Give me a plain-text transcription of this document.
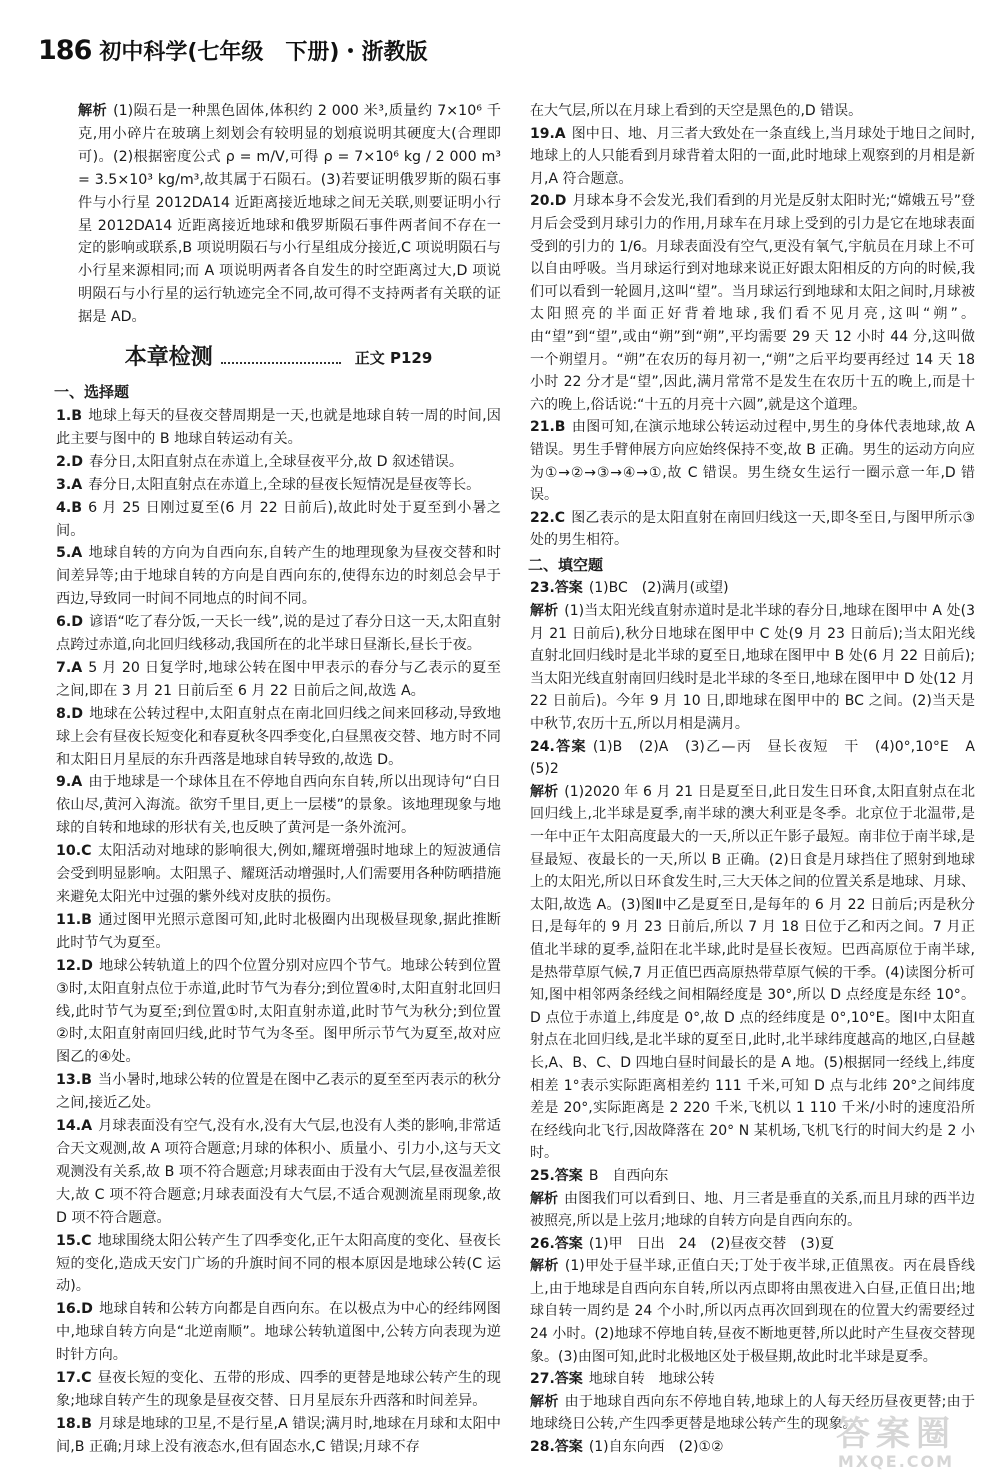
186 初中科学(七年级　下册)・浙教版
解析 (1)陨石是一种黑色固体,体积约 2 000 米³,质量约 7×10⁶ 千克,用小碎片在玻璃上刻划会有较明显的划痕说明其硬度大(合理即可)。(2)根据密度公式 ρ = m/V,可得 ρ = 7×10⁶ kg / 2 000 m³ = 3.5×10³ kg/m³,故其属于石陨石。(3)若要证明俄罗斯的陨石事件与小行星 2012DA14 近距离接近地球之间无关联,则要证明小行星 2012DA14 近距离接近地球和俄罗斯陨石事件两者间不存在一定的影响或联系,B 项说明陨石与小行星组成分接近,C 项说明陨石与小行星来源相同;而 A 项说明两者各自发生的时空距离过大,D 项说明陨石与小行星的运行轨迹完全不同,故可得不支持两者有关联的证据是 AD。
本章检测	正文 P129
一、选择题
1.B 地球上每天的昼夜交替周期是一天,也就是地球自转一周的时间,因此主要与图中的 B 地球自转运动有关。
2.D 春分日,太阳直射点在赤道上,全球昼夜平分,故 D 叙述错误。
3.A 春分日,太阳直射点在赤道上,全球的昼夜长短情况是昼夜等长。
4.B 6 月 25 日刚过夏至(6 月 22 日前后),故此时处于夏至到小暑之间。
5.A 地球自转的方向为自西向东,自转产生的地理现象为昼夜交替和时间差异等;由于地球自转的方向是自西向东的,使得东边的时刻总会早于西边,导致同一时间不同地点的时间不同。
6.D 谚语“吃了春分饭,一天长一线”,说的是过了春分日这一天,太阳直射点跨过赤道,向北回归线移动,我国所在的北半球日昼渐长,昼长于夜。
7.A 5 月 20 日复学时,地球公转在图中甲表示的春分与乙表示的夏至之间,即在 3 月 21 日前后至 6 月 22 日前后之间,故选 A。
8.D 地球在公转过程中,太阳直射点在南北回归线之间来回移动,导致地球上会有昼夜长短变化和春夏秋冬四季变化,白昼黑夜交替、地方时不同和太阳日月星辰的东升西落是地球自转导致的,故选 D。
9.A 由于地球是一个球体且在不停地自西向东自转,所以出现诗句“白日依山尽,黄河入海流。欲穷千里目,更上一层楼”的景象。该地理现象与地球的自转和地球的形状有关,也反映了黄河是一条外流河。
10.C 太阳活动对地球的影响很大,例如,耀斑增强时地球上的短波通信会受到明显影响。太阳黑子、耀斑活动增强时,人们需要用各种防晒措施来避免太阳光中过强的紫外线对皮肤的损伤。
11.B 通过图甲光照示意图可知,此时北极圈内出现极昼现象,据此推断此时节气为夏至。
12.D 地球公转轨道上的四个位置分别对应四个节气。地球公转到位置③时,太阳直射点位于赤道,此时节气为春分;到位置④时,太阳直射北回归线,此时节气为夏至;到位置①时,太阳直射赤道,此时节气为秋分;到位置②时,太阳直射南回归线,此时节气为冬至。图甲所示节气为夏至,故对应图乙的④处。
13.B 当小暑时,地球公转的位置是在图中乙表示的夏至至丙表示的秋分之间,接近乙处。
14.A 月球表面没有空气,没有水,没有大气层,也没有人类的影响,非常适合天文观测,故 A 项符合题意;月球的体积小、质量小、引力小,这与天文观测没有关系,故 B 项不符合题意;月球表面由于没有大气层,昼夜温差很大,故 C 项不符合题意;月球表面没有大气层,不适合观测流星雨现象,故 D 项不符合题意。
15.C 地球围绕太阳公转产生了四季变化,正午太阳高度的变化、昼夜长短的变化,造成天安门广场的升旗时间不同的根本原因是地球公转(C 运动)。
16.D 地球自转和公转方向都是自西向东。在以极点为中心的经纬网图中,地球自转方向是“北逆南顺”。地球公转轨道图中,公转方向表现为逆时针方向。
17.C 昼夜长短的变化、五带的形成、四季的更替是地球公转产生的现象;地球自转产生的现象是昼夜交替、日月星辰东升西落和时间差异。
18.B 月球是地球的卫星,不是行星,A 错误;满月时,地球在月球和太阳中间,B 正确;月球上没有液态水,但有固态水,C 错误;月球不存
在大气层,所以在月球上看到的天空是黑色的,D 错误。
19.A 图中日、地、月三者大致处在一条直线上,当月球处于地日之间时,地球上的人只能看到月球背着太阳的一面,此时地球上观察到的月相是新月,A 符合题意。
20.D 月球本身不会发光,我们看到的月光是反射太阳时光;“嫦娥五号”登月后会受到月球引力的作用,月球车在月球上受到的引力是它在地球表面受到的引力的 1/6。月球表面没有空气,更没有氧气,宇航员在月球上不可以自由呼吸。当月球运行到对地球来说正好跟太阳相反的方向的时候,我们可以看到一轮圆月,这叫“望”。当月球运行到地球和太阳之间时,月球被太阳照亮的半面正好背着地球,我们看不见月亮,这叫“朔”。由“望”到“望”,或由“朔”到“朔”,平均需要 29 天 12 小时 44 分,这叫做一个朔望月。“朔”在农历的每月初一,“朔”之后平均要再经过 14 天 18 小时 22 分才是“望”,因此,满月常常不是发生在农历十五的晚上,而是十六的晚上,俗话说:“十五的月亮十六圆”,就是这个道理。
21.B 由图可知,在演示地球公转运动过程中,男生的身体代表地球,故 A 错误。男生手臂伸展方向应始终保持不变,故 B 正确。男生的运动方向应为①→②→③→④→①,故 C 错误。男生绕女生运行一圈示意一年,D 错误。
22.C 图乙表示的是太阳直射在南回归线这一天,即冬至日,与图甲所示③处的男生相符。
二、填空题
23.答案 (1)BC　(2)满月(或望)
解析 (1)当太阳光线直射赤道时是北半球的春分日,地球在图甲中 A 处(3 月 21 日前后),秋分日地球在图甲中 C 处(9 月 23 日前后);当太阳光线直射北回归线时是北半球的夏至日,地球在图甲中 B 处(6 月 22 日前后);当太阳光线直射南回归线时是北半球的冬至日,地球在图甲中 D 处(12 月 22 日前后)。今年 9 月 10 日,即地球在图甲中的 BC 之间。(2)当天是中秋节,农历十五,所以月相是满月。
24.答案 (1)B　(2)A　(3)乙—丙　昼长夜短　干　(4)0°,10°E　A　(5)2
解析 (1)2020 年 6 月 21 日是夏至日,此日发生日环食,太阳直射点在北回归线上,北半球是夏季,南半球的澳大利亚是冬季。北京位于北温带,是一年中正午太阳高度最大的一天,所以正午影子最短。南非位于南半球,是昼最短、夜最长的一天,所以 B 正确。(2)日食是月球挡住了照射到地球上的太阳光,所以日环食发生时,三大天体之间的位置关系是地球、月球、太阳,故选 A。(3)图Ⅱ中乙是夏至日,是每年的 6 月 22 日前后;丙是秋分日,是每年的 9 月 23 日前后,所以 7 月 18 日位于乙和丙之间。7 月正值北半球的夏季,益阳在北半球,此时是昼长夜短。巴西高原位于南半球,是热带草原气候,7 月正值巴西高原热带草原气候的干季。(4)读图分析可知,图中相邻两条经线之间相隔经度是 30°,所以 D 点经度是东经 10°。D 点位于赤道上,纬度是 0°,故 D 点的经纬度是 0°,10°E。图Ⅰ中太阳直射点在北回归线,是北半球的夏至日,此时,北半球纬度越高的地区,白昼越长,A、B、C、D 四地白昼时间最长的是 A 地。(5)根据同一经线上,纬度相差 1°表示实际距离相差约 111 千米,可知 D 点与北纬 20°之间纬度差是 20°,实际距离是 2 220 千米,飞机以 1 110 千米/小时的速度沿所在经线向北飞行,因故降落在 20° N 某机场,飞机飞行的时间大约是 2 小时。
25.答案 B　自西向东
解析 由图我们可以看到日、地、月三者是垂直的关系,而且月球的西半边被照亮,所以是上弦月;地球的自转方向是自西向东的。
26.答案 (1)甲　日出　24　(2)昼夜交替　(3)夏
解析 (1)甲处于昼半球,正值白天;丁处于夜半球,正值黑夜。丙在晨昏线上,由于地球是自西向东自转,所以丙点即将由黑夜进入白昼,正值日出;地球自转一周约是 24 个小时,所以丙点再次回到现在的位置大约需要经过 24 小时。(2)地球不停地自转,昼夜不断地更替,所以此时产生昼夜交替现象。(3)由图可知,此时北极地区处于极昼期,故此时北半球是夏季。
27.答案 地球自转　地球公转
解析 由于地球自西向东不停地自转,地球上的人每天经历昼夜更替;由于地球绕日公转,产生四季更替是地球公转产生的现象。
28.答案 (1)自东向西　(2)①②	答案圈
MXQE.COM
